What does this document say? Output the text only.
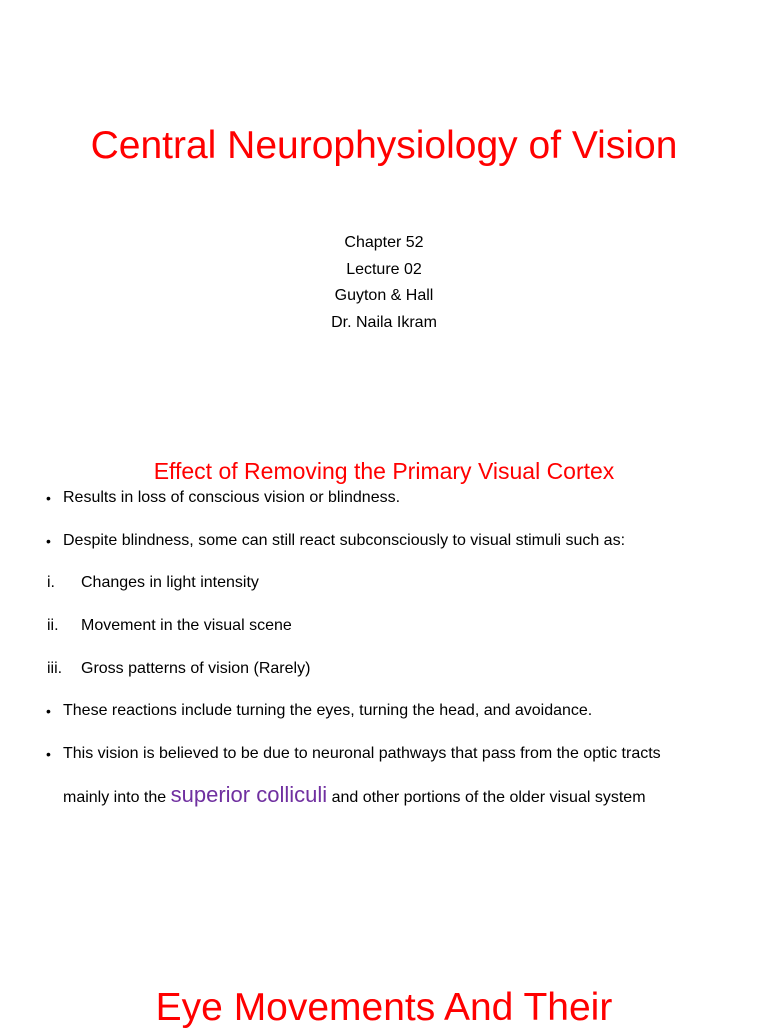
Central Neurophysiology of Vision
Chapter 52
Lecture 02
Guyton & Hall
Dr. Naila Ikram
Effect of Removing the Primary Visual Cortex
• Results in loss of conscious vision or blindness.
• Despite blindness, some can still react subconsciously to visual stimuli such as:
i. Changes in light intensity
ii. Movement in the visual scene
iii. Gross patterns of vision (Rarely)
• These reactions include turning the eyes, turning the head, and avoidance.
• This vision is believed to be due to neuronal pathways that pass from the optic tracts
mainly into the superior colliculi and other portions of the older visual system
Eye Movements And Their
